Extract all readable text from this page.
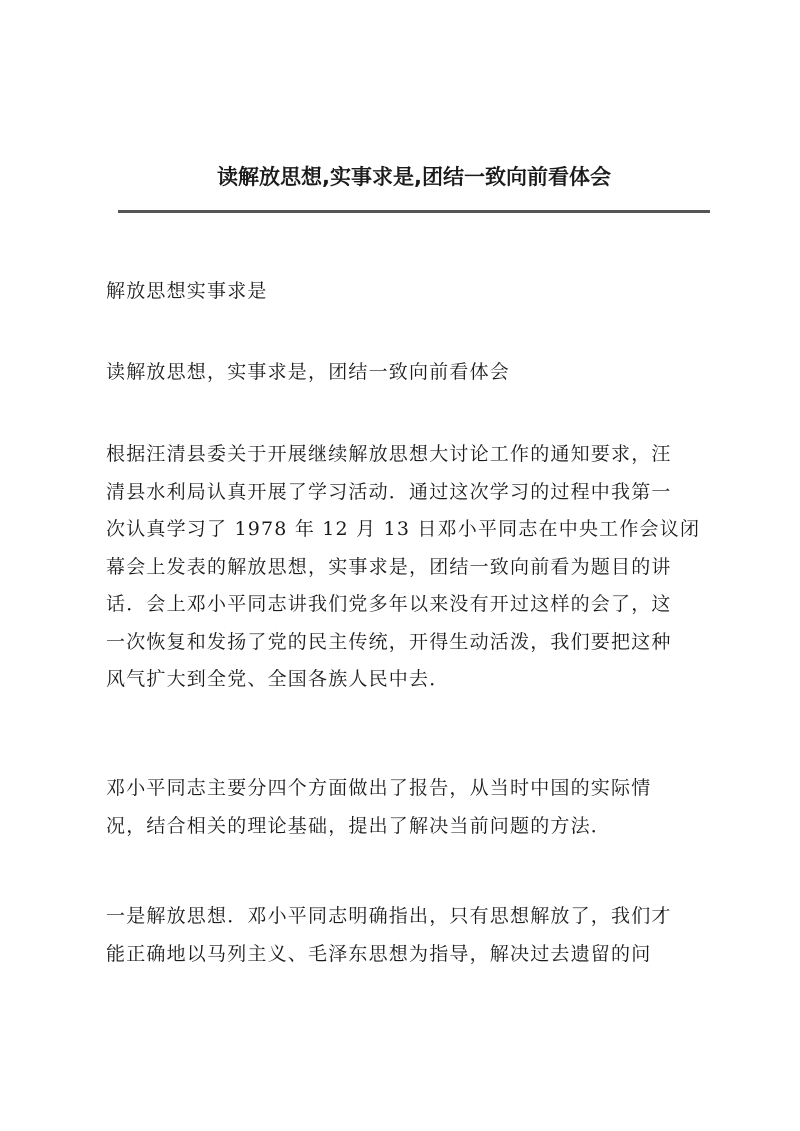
读解放思想,实事求是,团结一致向前看体会

解放思想实事求是

读解放思想，实事求是，团结一致向前看体会

根据汪清县委关于开展继续解放思想大讨论工作的通知要求，汪
清县水利局认真开展了学习活动．通过这次学习的过程中我第一
次认真学习了 1978 年 12 月 13 日邓小平同志在中央工作会议闭
幕会上发表的解放思想，实事求是，团结一致向前看为题目的讲
话．会上邓小平同志讲我们党多年以来没有开过这样的会了，这
一次恢复和发扬了党的民主传统，开得生动活泼，我们要把这种
风气扩大到全党、全国各族人民中去．

邓小平同志主要分四个方面做出了报告，从当时中国的实际情
况，结合相关的理论基础，提出了解决当前问题的方法．

一是解放思想．邓小平同志明确指出，只有思想解放了，我们才
能正确地以马列主义、毛泽东思想为指导，解决过去遗留的问
